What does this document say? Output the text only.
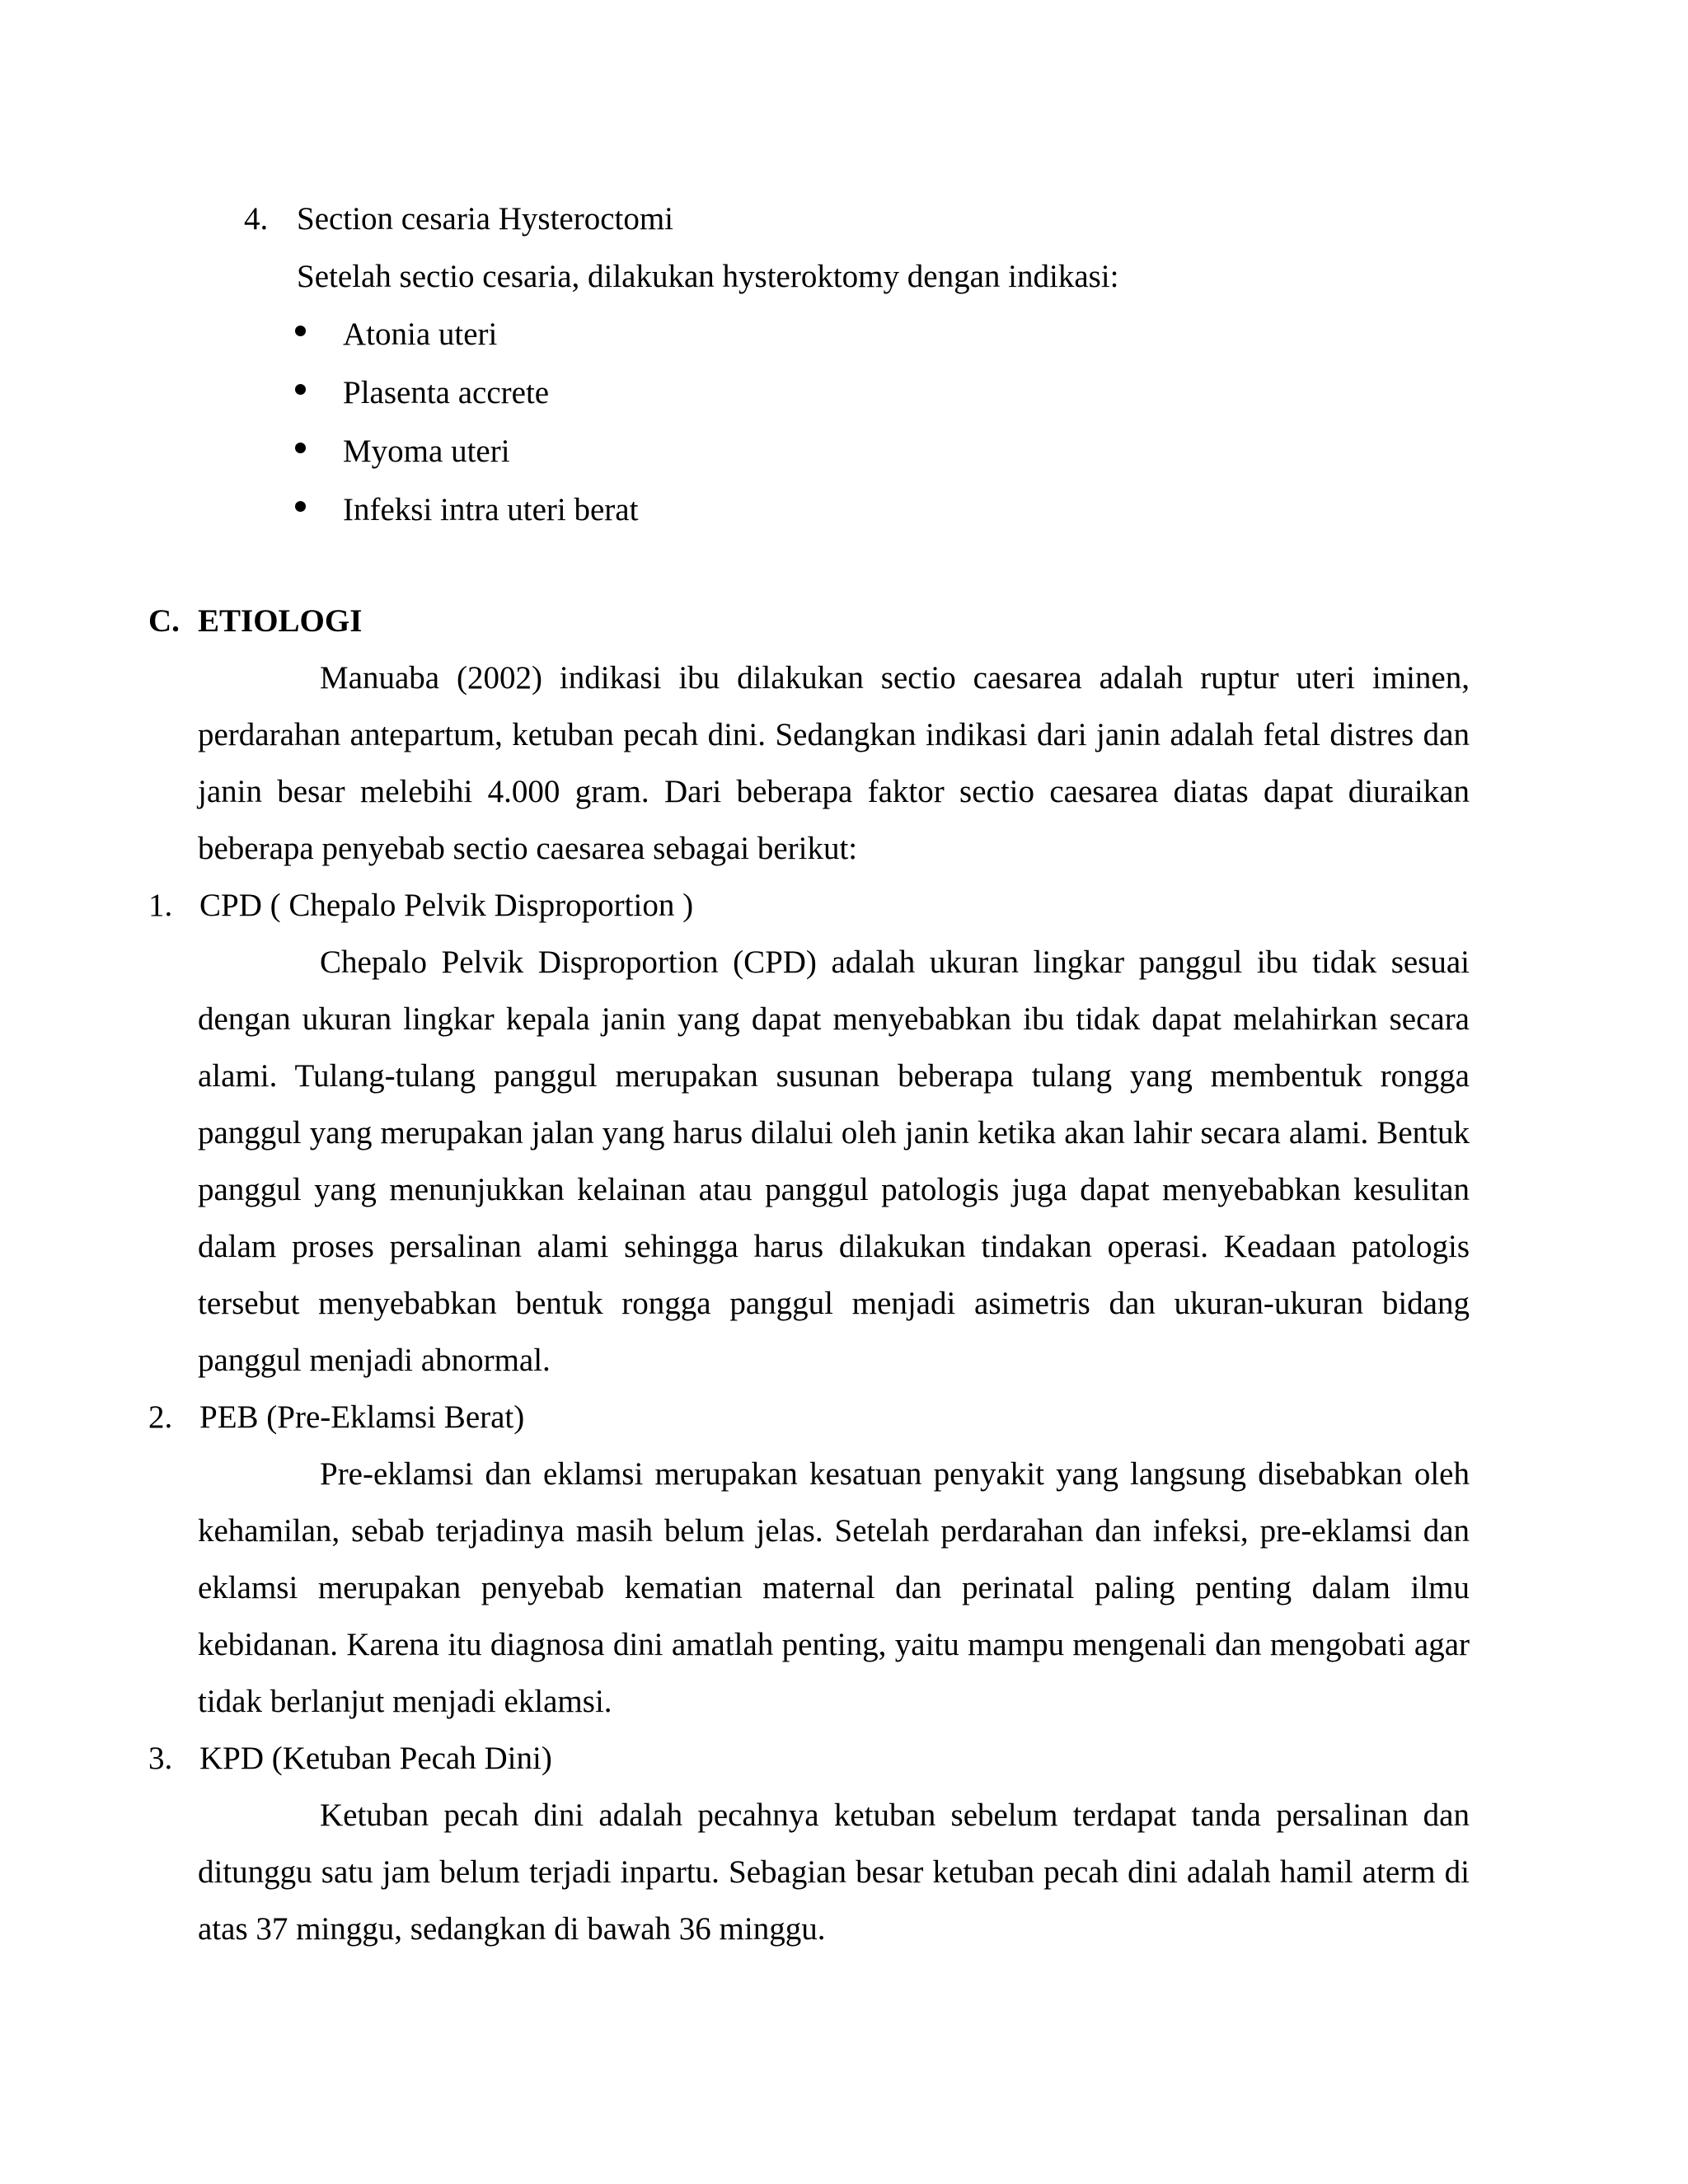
4. Section cesaria Hysteroctomi
Setelah sectio cesaria, dilakukan hysteroktomy dengan indikasi:
Atonia uteri
Plasenta accrete
Myoma uteri
Infeksi intra uteri berat
C. ETIOLOGI
Manuaba (2002) indikasi ibu dilakukan sectio caesarea adalah ruptur uteri iminen,
perdarahan antepartum, ketuban pecah dini. Sedangkan indikasi dari janin adalah fetal distres dan
janin besar melebihi 4.000 gram. Dari beberapa faktor sectio caesarea diatas dapat diuraikan
beberapa penyebab sectio caesarea sebagai berikut:
1. CPD ( Chepalo Pelvik Disproportion )
Chepalo Pelvik Disproportion (CPD) adalah ukuran lingkar panggul ibu tidak sesuai
dengan ukuran lingkar kepala janin yang dapat menyebabkan ibu tidak dapat melahirkan secara
alami. Tulang-tulang panggul merupakan susunan beberapa tulang yang membentuk rongga
panggul yang merupakan jalan yang harus dilalui oleh janin ketika akan lahir secara alami. Bentuk
panggul yang menunjukkan kelainan atau panggul patologis juga dapat menyebabkan kesulitan
dalam proses persalinan alami sehingga harus dilakukan tindakan operasi. Keadaan patologis
tersebut menyebabkan bentuk rongga panggul menjadi asimetris dan ukuran-ukuran bidang
panggul menjadi abnormal.
2. PEB (Pre-Eklamsi Berat)
Pre-eklamsi dan eklamsi merupakan kesatuan penyakit yang langsung disebabkan oleh
kehamilan, sebab terjadinya masih belum jelas. Setelah perdarahan dan infeksi, pre-eklamsi dan
eklamsi merupakan penyebab kematian maternal dan perinatal paling penting dalam ilmu
kebidanan. Karena itu diagnosa dini amatlah penting, yaitu mampu mengenali dan mengobati agar
tidak berlanjut menjadi eklamsi.
3. KPD (Ketuban Pecah Dini)
Ketuban pecah dini adalah pecahnya ketuban sebelum terdapat tanda persalinan dan
ditunggu satu jam belum terjadi inpartu. Sebagian besar ketuban pecah dini adalah hamil aterm di
atas 37 minggu, sedangkan di bawah 36 minggu.
